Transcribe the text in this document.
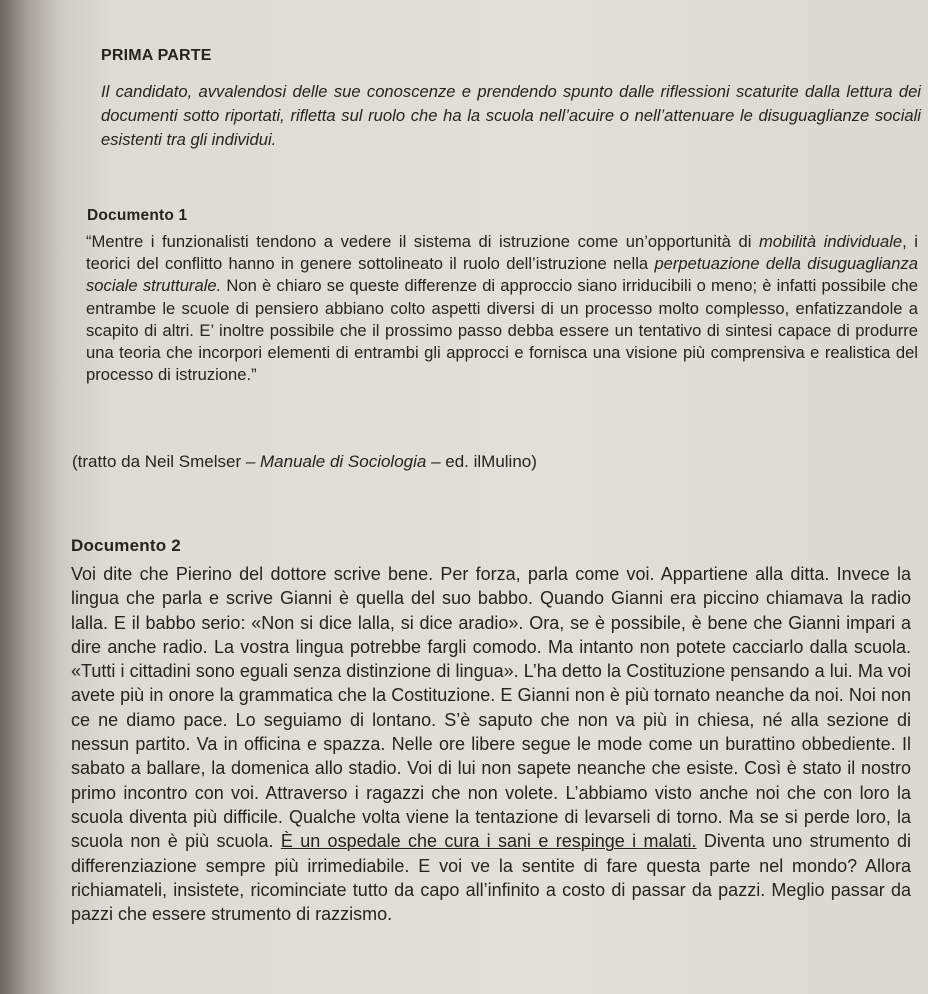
PRIMA PARTE

Il candidato, avvalendosi delle sue conoscenze e prendendo spunto dalle riflessioni scaturite dalla lettura dei documenti sotto riportati, rifletta sul ruolo che ha la scuola nell’acuire o nell’attenuare le disuguaglianze sociali esistenti tra gli individui.

Documento 1

“Mentre i funzionalisti tendono a vedere il sistema di istruzione come un’opportunità di mobilità individuale, i teorici del conflitto hanno in genere sottolineato il ruolo dell’istruzione nella perpetuazione della disuguaglianza sociale strutturale. Non è chiaro se queste differenze di approccio siano irriducibili o meno; è infatti possibile che entrambe le scuole di pensiero abbiano colto aspetti diversi di un processo molto complesso, enfatizzandole a scapito di altri. E’ inoltre possibile che il prossimo passo debba essere un tentativo di sintesi capace di produrre una teoria che incorpori elementi di entrambi gli approcci e fornisca una visione più comprensiva e realistica del processo di istruzione.”

(tratto da Neil Smelser – Manuale di Sociologia – ed. ilMulino)

Documento 2

Voi dite che Pierino del dottore scrive bene. Per forza, parla come voi. Appartiene alla ditta. Invece la lingua che parla e scrive Gianni è quella del suo babbo. Quando Gianni era piccino chiamava la radio lalla. E il babbo serio: «Non si dice lalla, si dice aradio». Ora, se è possibile, è bene che Gianni impari a dire anche radio. La vostra lingua potrebbe fargli comodo. Ma intanto non potete cacciarlo dalla scuola. «Tutti i cittadini sono eguali senza distinzione di lingua». L’ha detto la Costituzione pensando a lui. Ma voi avete più in onore la grammatica che la Costituzione. E Gianni non è più tornato neanche da noi. Noi non ce ne diamo pace. Lo seguiamo di lontano. S’è saputo che non va più in chiesa, né alla sezione di nessun partito. Va in officina e spazza. Nelle ore libere segue le mode come un burattino obbediente. Il sabato a ballare, la domenica allo stadio. Voi di lui non sapete neanche che esiste. Così è stato il nostro primo incontro con voi. Attraverso i ragazzi che non volete. L’abbiamo visto anche noi che con loro la scuola diventa più difficile. Qualche volta viene la tentazione di levarseli di torno. Ma se si perde loro, la scuola non è più scuola. È un ospedale che cura i sani e respinge i malati. Diventa uno strumento di differenziazione sempre più irrimediabile. E voi ve la sentite di fare questa parte nel mondo? Allora richiamateli, insistete, ricominciate tutto da capo all’infinito a costo di passar da pazzi. Meglio passar da pazzi che essere strumento di razzismo.
